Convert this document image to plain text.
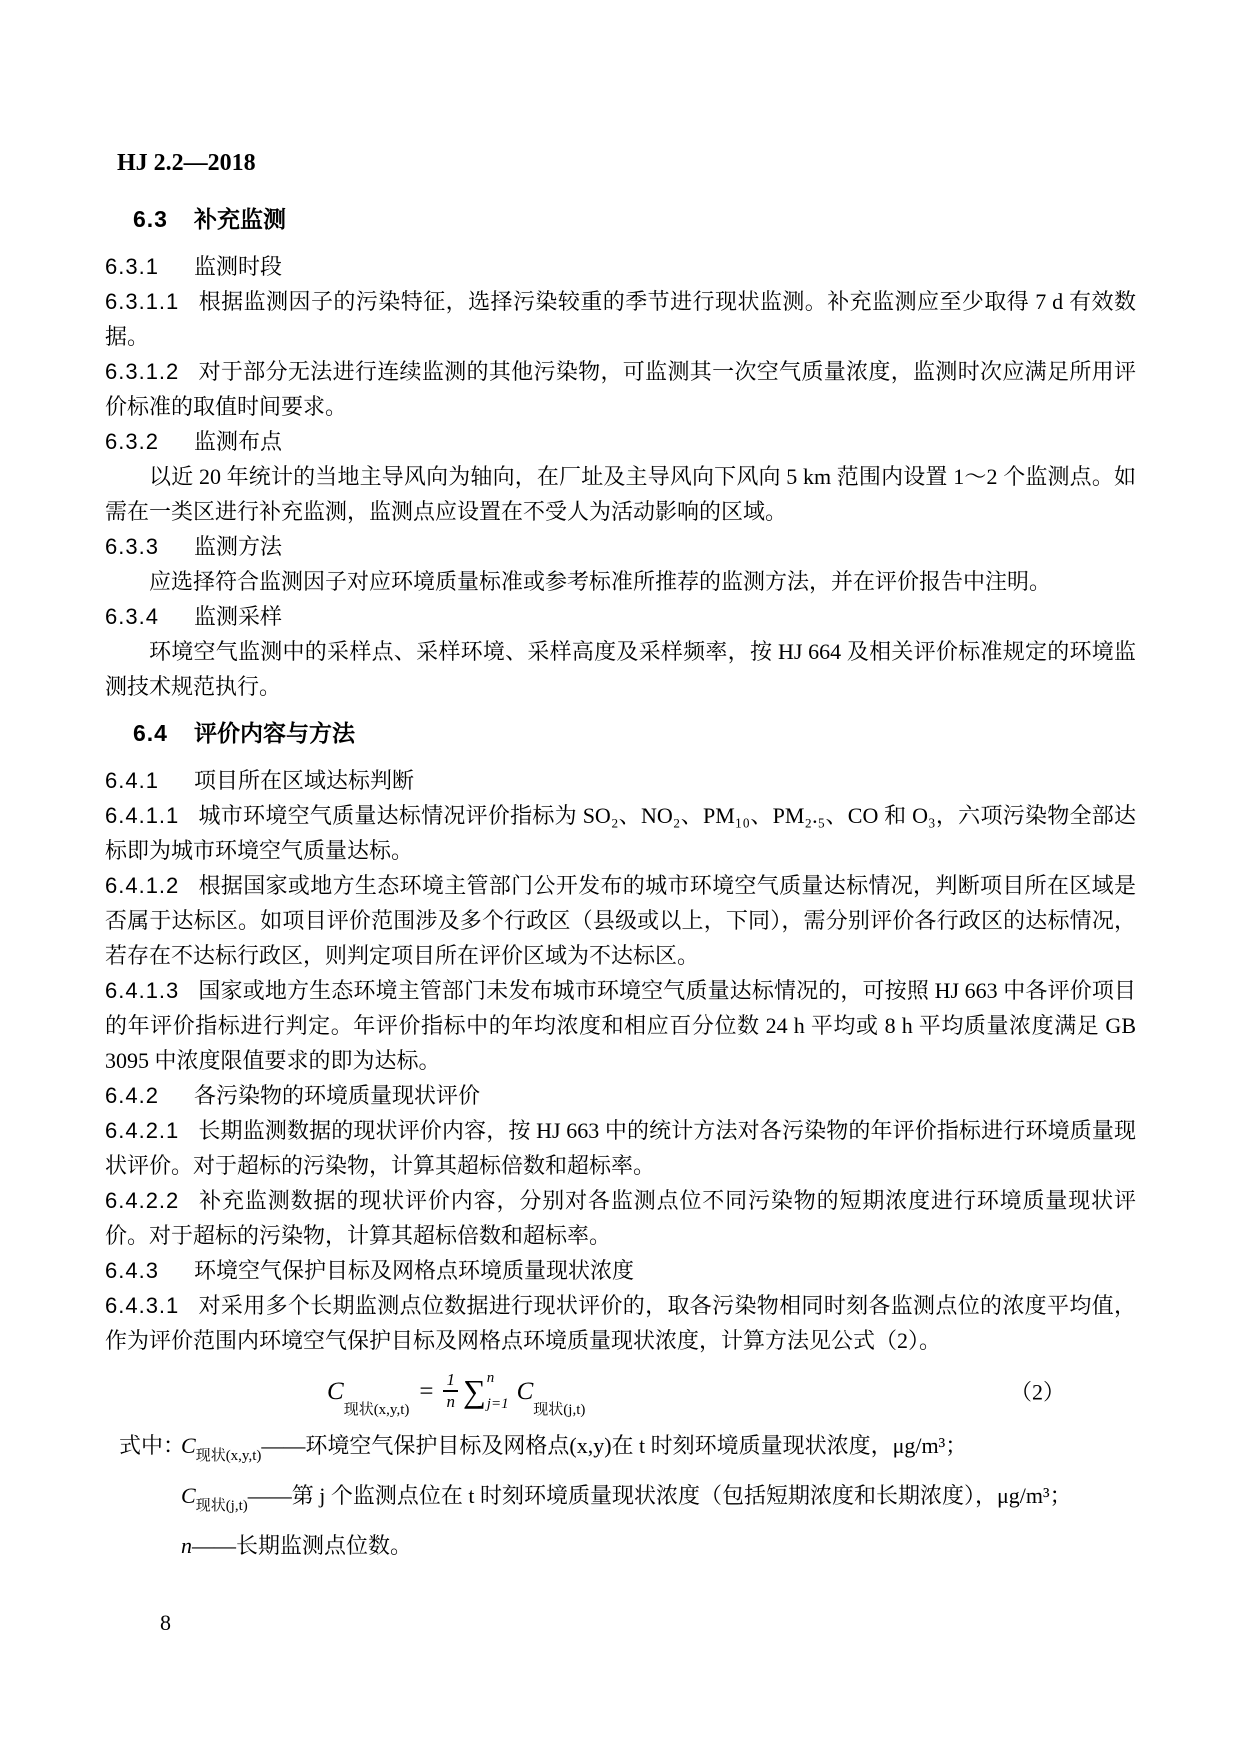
HJ 2.2—2018
6.3 补充监测

6.3.1 监测时段

6.3.1.1 根据监测因子的污染特征，选择污染较重的季节进行现状监测。补充监测应至少取得 7 d 有效数据。

6.3.1.2 对于部分无法进行连续监测的其他污染物，可监测其一次空气质量浓度，监测时次应满足所用评价标准的取值时间要求。

6.3.2 监测布点

以近 20 年统计的当地主导风向为轴向，在厂址及主导风向下风向 5 km 范围内设置 1～2 个监测点。如需在一类区进行补充监测，监测点应设置在不受人为活动影响的区域。

6.3.3 监测方法

应选择符合监测因子对应环境质量标准或参考标准所推荐的监测方法，并在评价报告中注明。

6.3.4 监测采样

环境空气监测中的采样点、采样环境、采样高度及采样频率，按 HJ 664 及相关评价标准规定的环境监测技术规范执行。

6.4 评价内容与方法

6.4.1 项目所在区域达标判断

6.4.1.1 城市环境空气质量达标情况评价指标为 SO₂、NO₂、PM₁₀、PM₂.₅、CO 和 O₃，六项污染物全部达标即为城市环境空气质量达标。

6.4.1.2 根据国家或地方生态环境主管部门公开发布的城市环境空气质量达标情况，判断项目所在区域是否属于达标区。如项目评价范围涉及多个行政区（县级或以上，下同），需分别评价各行政区的达标情况，若存在不达标行政区，则判定项目所在评价区域为不达标区。

6.4.1.3 国家或地方生态环境主管部门未发布城市环境空气质量达标情况的，可按照 HJ 663 中各评价项目的年评价指标进行判定。年评价指标中的年均浓度和相应百分位数 24 h 平均或 8 h 平均质量浓度满足 GB 3095 中浓度限值要求的即为达标。

6.4.2 各污染物的环境质量现状评价

6.4.2.1 长期监测数据的现状评价内容，按 HJ 663 中的统计方法对各污染物的年评价指标进行环境质量现状评价。对于超标的污染物，计算其超标倍数和超标率。

6.4.2.2 补充监测数据的现状评价内容，分别对各监测点位不同污染物的短期浓度进行环境质量现状评价。对于超标的污染物，计算其超标倍数和超标率。

6.4.3 环境空气保护目标及网格点环境质量现状浓度

6.4.3.1 对采用多个长期监测点位数据进行现状评价的，取各污染物相同时刻各监测点位的浓度平均值，作为评价范围内环境空气保护目标及网格点环境质量现状浓度，计算方法见公式（2）。

C
现状(x,y,t)
= $\frac{1}{n}$ ∑ n
j=1 C
现状(j,t)
（2）
式中：
$C_{现状(x,y,t)}——$环境空气保护目标及网格点(x,y)在 t 时刻环境质量现状浓度，μg/m³；
$C_{现状(j,t)}——$第 j 个监测点位在 t 时刻环境质量现状浓度（包括短期浓度和长期浓度），μg/m³；
n——长期监测点位数。
8
